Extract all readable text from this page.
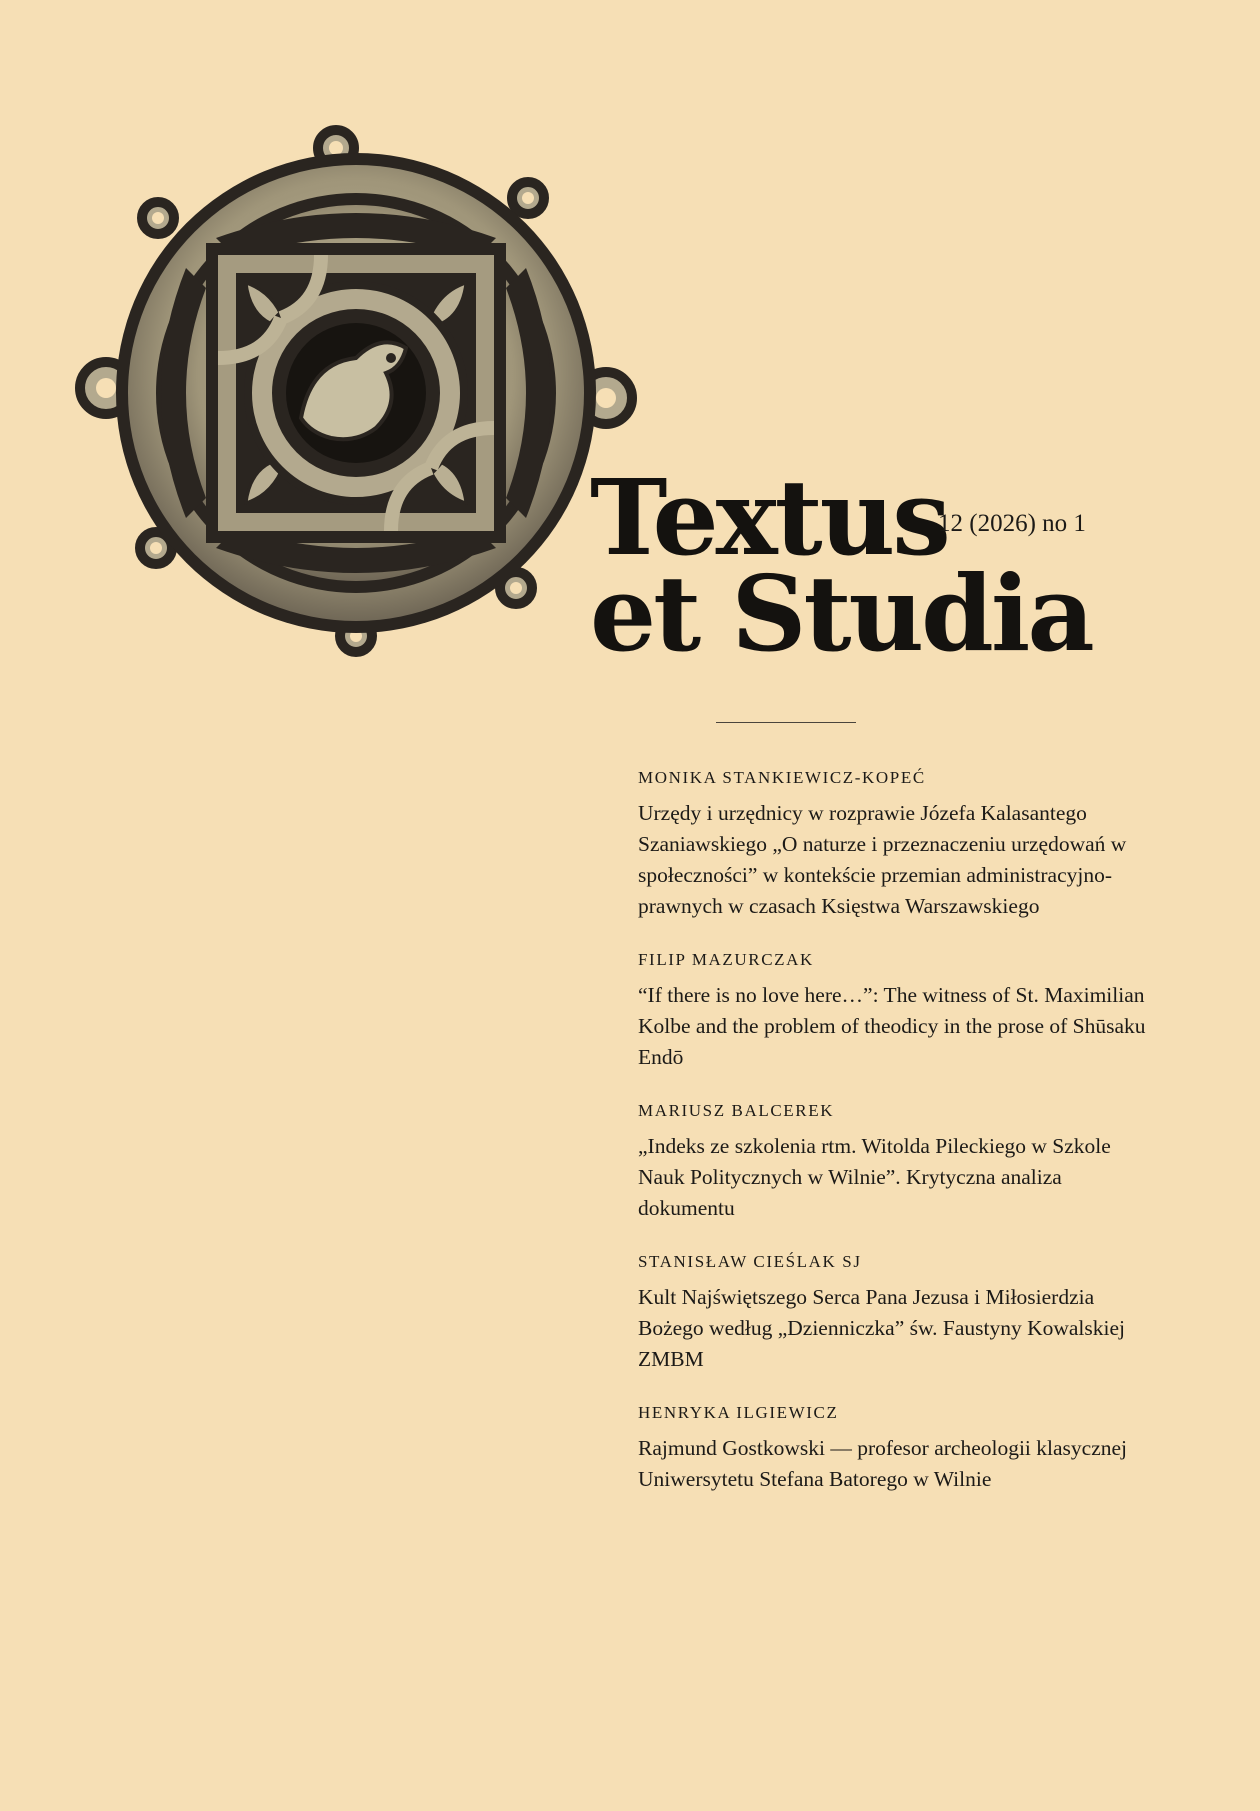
Textus
et Studia
12 (2026) no 1
MONIKA STANKIEWICZ-KOPEĆ
Urzędy i urzędnicy w rozprawie Józefa Kalasantego Szaniawskiego „O naturze i przeznaczeniu urzędowań w społeczności” w kontekście przemian administracyjno-prawnych w czasach Księstwa Warszawskiego
FILIP MAZURCZAK
“If there is no love here…”: The witness of St. Maximilian Kolbe and the problem of theodicy in the prose of Shūsaku Endō
MARIUSZ BALCEREK
„Indeks ze szkolenia rtm. Witolda Pileckiego w Szkole Nauk Politycznych w Wilnie”. Krytyczna analiza dokumentu
STANISŁAW CIEŚLAK SJ
Kult Najświętszego Serca Pana Jezusa i Miłosierdzia Bożego według „Dzienniczka” św. Faustyny Kowalskiej ZMBM
HENRYKA ILGIEWICZ
Rajmund Gostkowski — profesor archeologii klasycznej Uniwersytetu Stefana Batorego w Wilnie
